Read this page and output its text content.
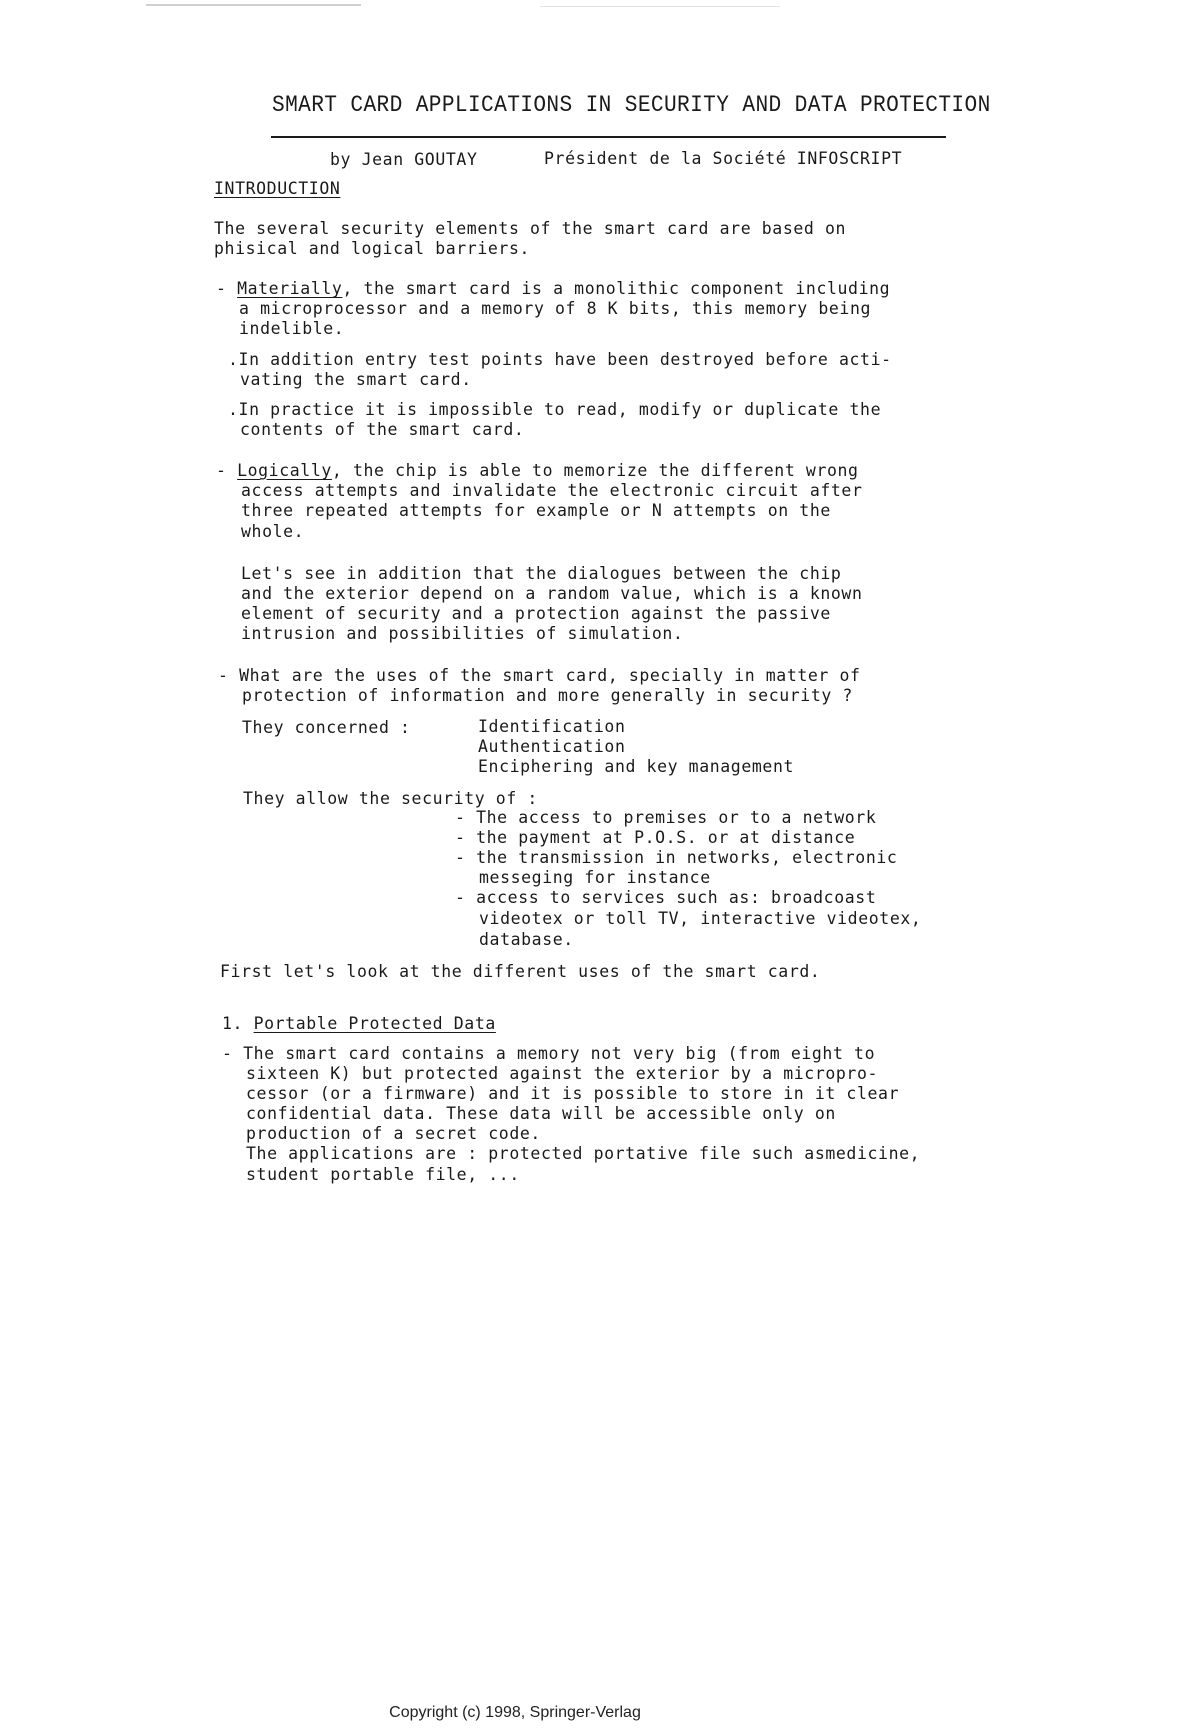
SMART CARD APPLICATIONS IN SECURITY AND DATA PROTECTION
by Jean GOUTAY	Président de la Société INFOSCRIPT
INTRODUCTION
The several security elements of the smart card are based on
phisical and logical barriers.
- Materially, the smart card is a monolithic component including
a microprocessor and a memory of 8 K bits, this memory being
indelible.
.In addition entry test points have been destroyed before acti-
vating the smart card.
.In practice it is impossible to read, modify or duplicate the
contents of the smart card.
- Logically, the chip is able to memorize the different wrong
access attempts and invalidate the electronic circuit after
three repeated attempts for example or N attempts on the
whole.
Let's see in addition that the dialogues between the chip
and the exterior depend on a random value, which is a known
element of security and a protection against the passive
intrusion and possibilities of simulation.
- What are the uses of the smart card, specially in matter of
protection of information and more generally in security ?
They concerned :	Identification
Authentication
Enciphering and key management
They allow the security of :
- The access to premises or to a network
- the payment at P.O.S. or at distance
- the transmission in networks, electronic
messeging for instance
- access to services such as: broadcoast
videotex or toll TV, interactive videotex,
database.
First let's look at the different uses of the smart card.
1. Portable Protected Data
- The smart card contains a memory not very big (from eight to
sixteen K) but protected against the exterior by a micropro-
cessor (or a firmware) and it is possible to store in it clear
confidential data. These data will be accessible only on
production of a secret code.
The applications are : protected portative file such asmedicine,
student portable file, ...
Copyright (c) 1998, Springer-Verlag
